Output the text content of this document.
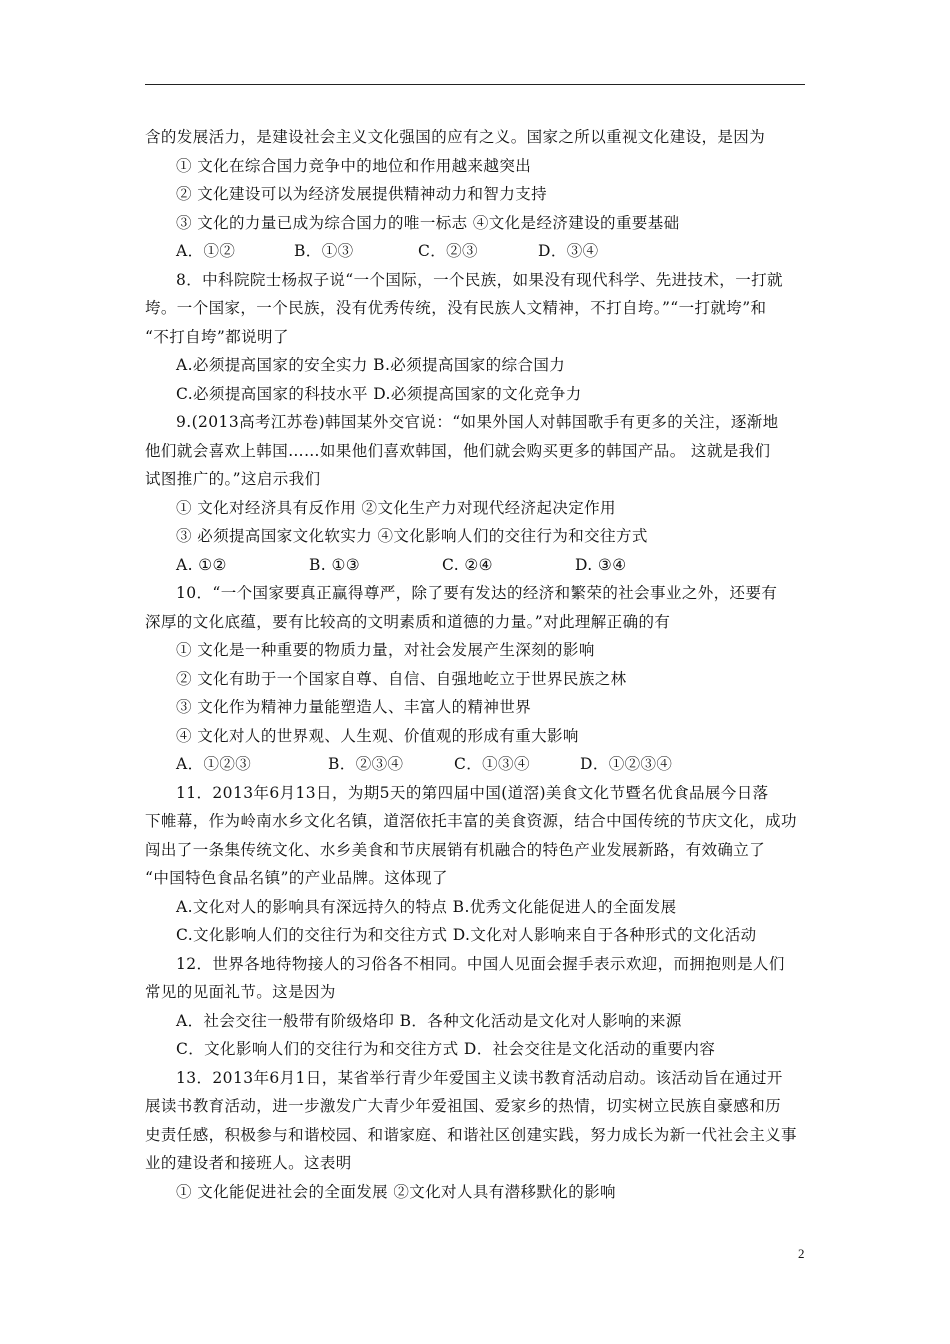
含的发展活力，是建设社会主义文化强国的应有之义。国家之所以重视文化建设，是因为
① 文化在综合国力竞争中的地位和作用越来越突出
② 文化建设可以为经济发展提供精神动力和智力支持
③ 文化的力量已成为综合国力的唯一标志 ④文化是经济建设的重要基础
A．①②	B．①③	C．②③	D．③④
8．中科院院士杨叔子说“一个国际，一个民族，如果没有现代科学、先进技术，一打就
垮。一个国家，一个民族，没有优秀传统，没有民族人文精神，不打自垮。”“一打就垮”和
“不打自垮”都说明了
A.必须提高国家的安全实力 B.必须提高国家的综合国力
C.必须提高国家的科技水平 D.必须提高国家的文化竞争力
9.(2013高考江苏卷)韩国某外交官说：“如果外国人对韩国歌手有更多的关注，逐渐地
他们就会喜欢上韩国……如果他们喜欢韩国，他们就会购买更多的韩国产品。 这就是我们
试图推广的。”这启示我们
① 文化对经济具有反作用 ②文化生产力对现代经济起决定作用
③ 必须提高国家文化软实力 ④文化影响人们的交往行为和交往方式
A. ①②	B. ①③	C. ②④	D. ③④
10．“一个国家要真正赢得尊严，除了要有发达的经济和繁荣的社会事业之外，还要有
深厚的文化底蕴，要有比较高的文明素质和道德的力量。”对此理解正确的有
① 文化是一种重要的物质力量，对社会发展产生深刻的影响
② 文化有助于一个国家自尊、自信、自强地屹立于世界民族之林
③ 文化作为精神力量能塑造人、丰富人的精神世界
④ 文化对人的世界观、人生观、价值观的形成有重大影响
A．①②③	B．②③④	C．①③④	D．①②③④
11．2013年6月13日，为期5天的第四届中国(道滘)美食文化节暨名优食品展今日落
下帷幕，作为岭南水乡文化名镇，道滘依托丰富的美食资源，结合中国传统的节庆文化，成功
闯出了一条集传统文化、水乡美食和节庆展销有机融合的特色产业发展新路，有效确立了
“中国特色食品名镇”的产业品牌。这体现了
A.文化对人的影响具有深远持久的特点 B.优秀文化能促进人的全面发展
C.文化影响人们的交往行为和交往方式 D.文化对人影响来自于各种形式的文化活动
12．世界各地待物接人的习俗各不相同。中国人见面会握手表示欢迎，而拥抱则是人们
常见的见面礼节。这是因为
A．社会交往一般带有阶级烙印 B．各种文化活动是文化对人影响的来源
C．文化影响人们的交往行为和交往方式 D．社会交往是文化活动的重要内容
13．2013年6月1日，某省举行青少年爱国主义读书教育活动启动。该活动旨在通过开
展读书教育活动，进一步激发广大青少年爱祖国、爱家乡的热情，切实树立民族自豪感和历
史责任感，积极参与和谐校园、和谐家庭、和谐社区创建实践，努力成长为新一代社会主义事
业的建设者和接班人。这表明
① 文化能促进社会的全面发展 ②文化对人具有潜移默化的影响
2
